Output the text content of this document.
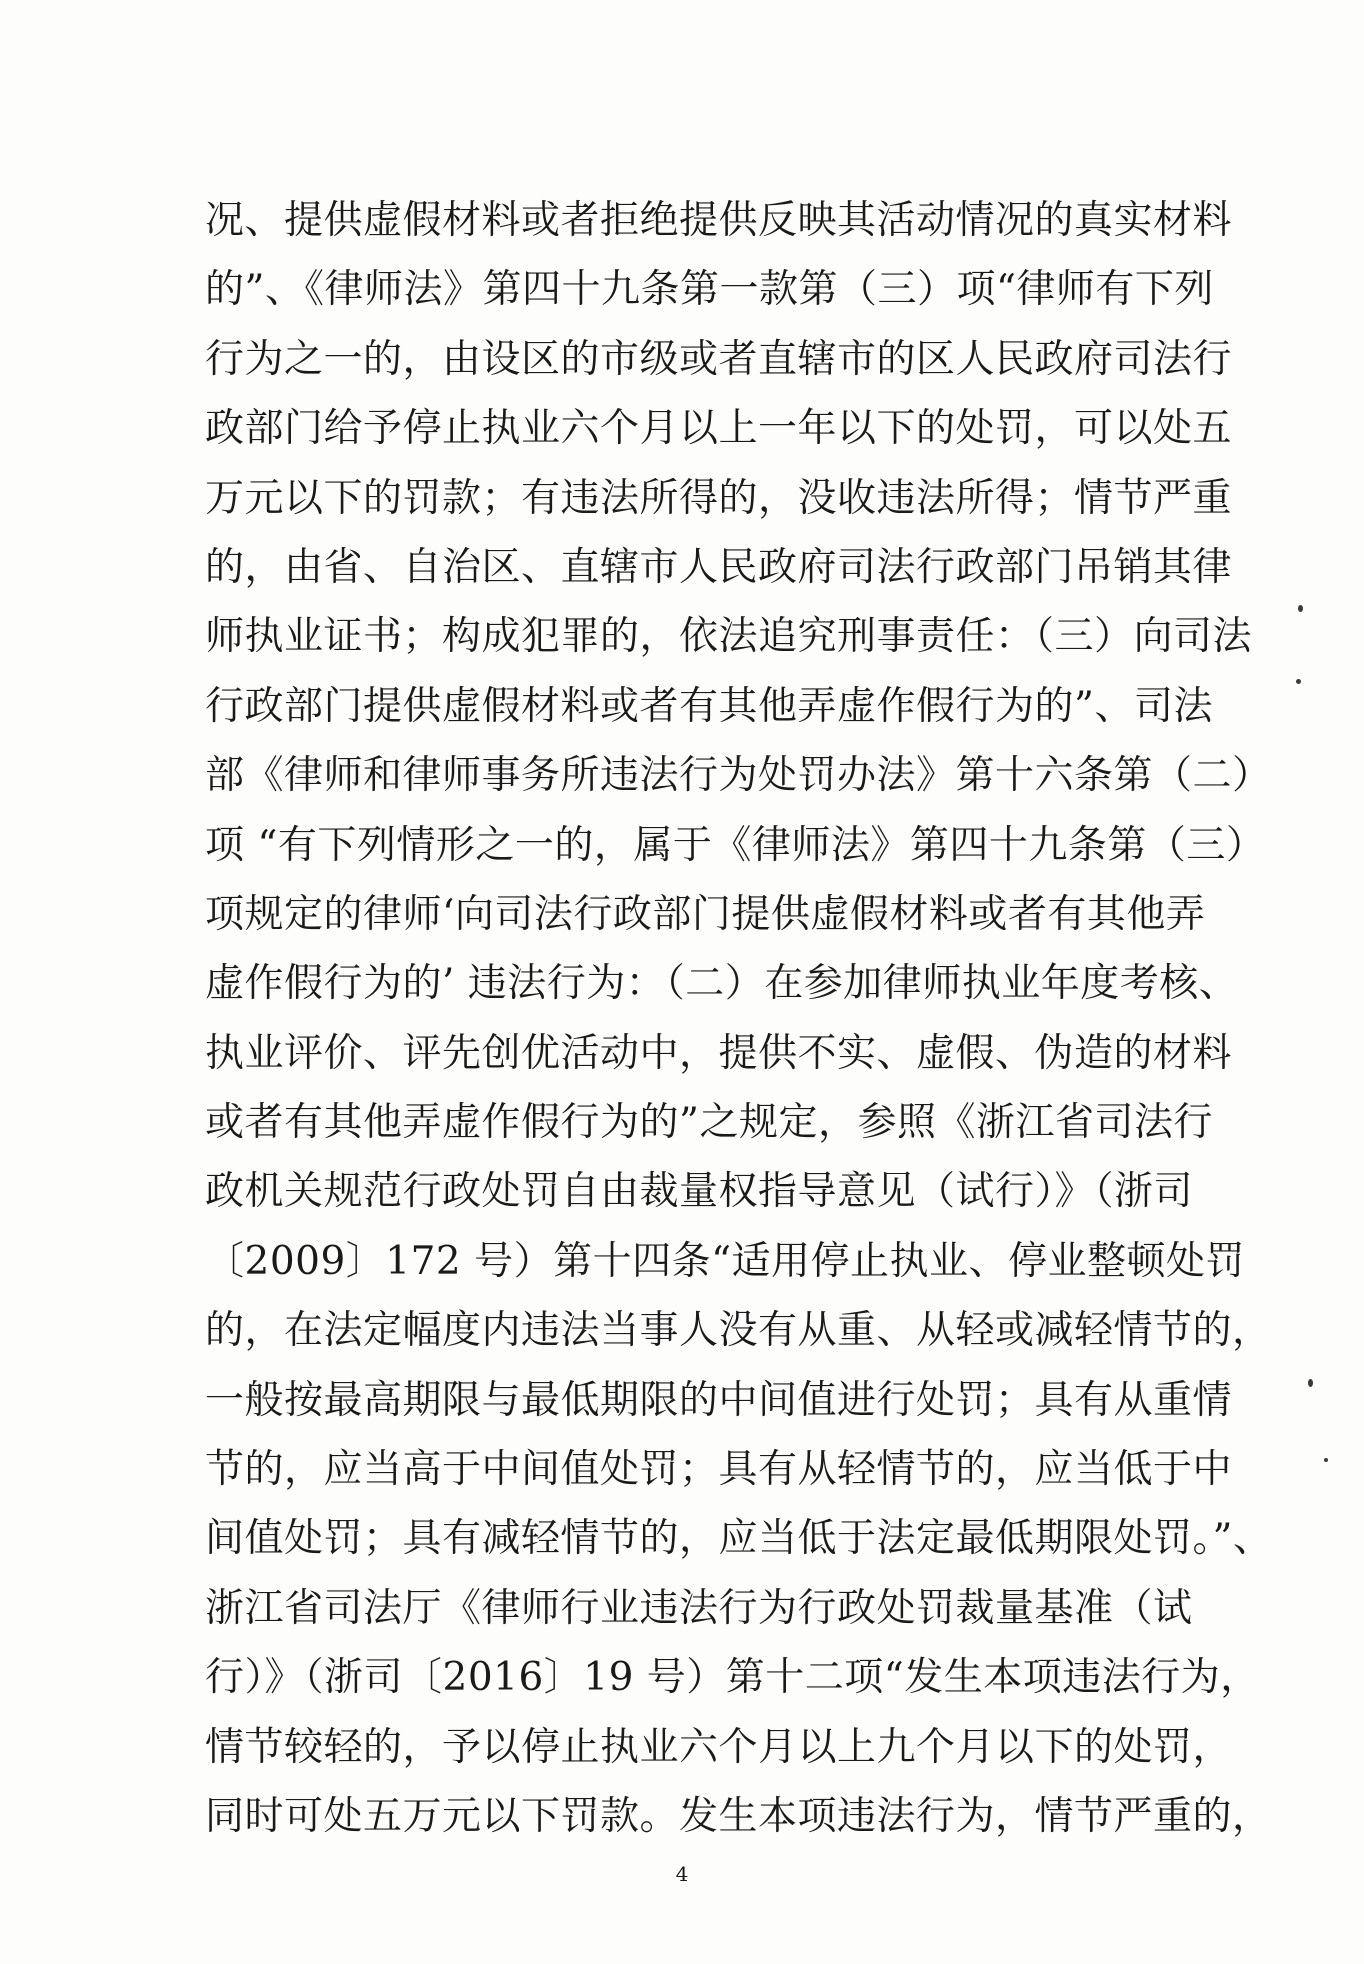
况、提供虚假材料或者拒绝提供反映其活动情况的真实材料
的”、《律师法》第四十九条第一款第（三）项“律师有下列
行为之一的，由设区的市级或者直辖市的区人民政府司法行
政部门给予停止执业六个月以上一年以下的处罚，可以处五
万元以下的罚款；有违法所得的，没收违法所得；情节严重
的，由省、自治区、直辖市人民政府司法行政部门吊销其律
师执业证书；构成犯罪的，依法追究刑事责任：（三）向司法
行政部门提供虚假材料或者有其他弄虚作假行为的”、司法
部《律师和律师事务所违法行为处罚办法》第十六条第（二）
项 “有下列情形之一的，属于《律师法》第四十九条第（三）
项规定的律师‘向司法行政部门提供虚假材料或者有其他弄
虚作假行为的’ 违法行为：（二）在参加律师执业年度考核、
执业评价、评先创优活动中，提供不实、虚假、伪造的材料
或者有其他弄虚作假行为的”之规定，参照《浙江省司法行
政机关规范行政处罚自由裁量权指导意见（试行）》（浙司
〔2009〕172 号）第十四条“适用停止执业、停业整顿处罚
的，在法定幅度内违法当事人没有从重、从轻或减轻情节的，
一般按最高期限与最低期限的中间值进行处罚；具有从重情
节的，应当高于中间值处罚；具有从轻情节的，应当低于中
间值处罚；具有减轻情节的，应当低于法定最低期限处罚。”、
浙江省司法厅《律师行业违法行为行政处罚裁量基准（试
行）》（浙司〔2016〕19 号）第十二项“发生本项违法行为，
情节较轻的，予以停止执业六个月以上九个月以下的处罚，
同时可处五万元以下罚款。发生本项违法行为，情节严重的，
4
